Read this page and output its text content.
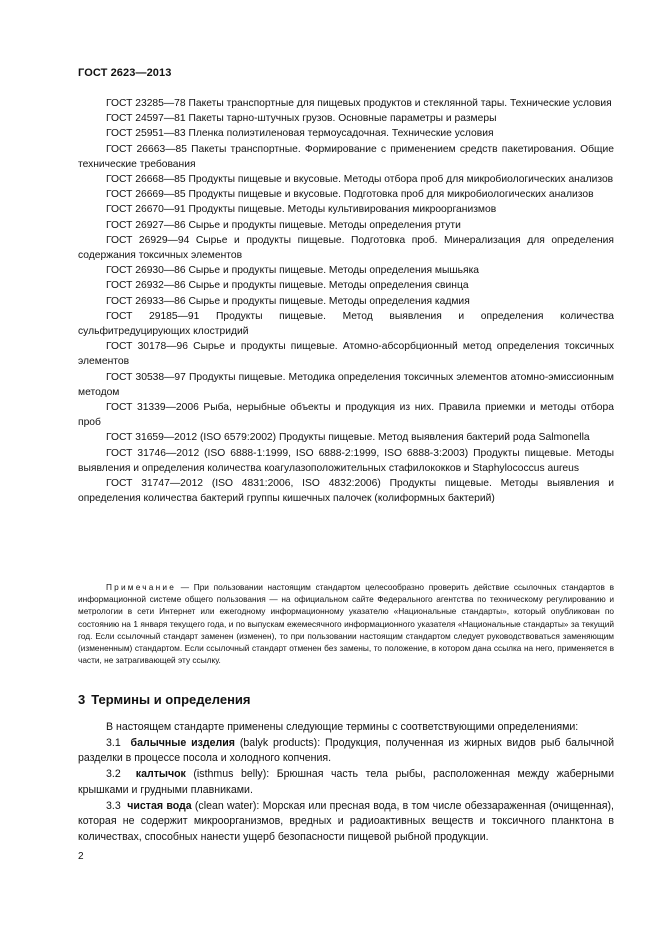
ГОСТ 2623—2013

ГОСТ 23285—78 Пакеты транспортные для пищевых продуктов и стеклянной тары. Технические условия

ГОСТ 24597—81 Пакеты тарно-штучных грузов. Основные параметры и размеры

ГОСТ 25951—83 Пленка полиэтиленовая термоусадочная. Технические условия

ГОСТ 26663—85 Пакеты транспортные. Формирование с применением средств пакетирования. Общие технические требования

ГОСТ 26668—85 Продукты пищевые и вкусовые. Методы отбора проб для микробиологических анализов

ГОСТ 26669—85 Продукты пищевые и вкусовые. Подготовка проб для микробиологических анализов

ГОСТ 26670—91 Продукты пищевые. Методы культивирования микроорганизмов

ГОСТ 26927—86 Сырье и продукты пищевые. Методы определения ртути

ГОСТ 26929—94 Сырье и продукты пищевые. Подготовка проб. Минерализация для определения содержания токсичных элементов

ГОСТ 26930—86 Сырье и продукты пищевые. Методы определения мышьяка

ГОСТ 26932—86 Сырье и продукты пищевые. Методы определения свинца

ГОСТ 26933—86 Сырье и продукты пищевые. Методы определения кадмия

ГОСТ 29185—91 Продукты пищевые. Метод выявления и определения количества сульфитредуцирующих клостридий

ГОСТ 30178—96 Сырье и продукты пищевые. Атомно-абсорбционный метод определения токсичных элементов

ГОСТ 30538—97 Продукты пищевые. Методика определения токсичных элементов атомно-эмиссионным методом

ГОСТ 31339—2006 Рыба, нерыбные объекты и продукция из них. Правила приемки и методы отбора проб

ГОСТ 31659—2012 (ISO 6579:2002) Продукты пищевые. Метод выявления бактерий рода Salmonella

ГОСТ 31746—2012 (ISO 6888-1:1999, ISO 6888-2:1999, ISO 6888-3:2003) Продукты пищевые. Методы выявления и определения количества коагулазоположительных стафилококков и Staphylococcus aureus

ГОСТ 31747—2012 (ISO 4831:2006, ISO 4832:2006) Продукты пищевые. Методы выявления и определения количества бактерий группы кишечных палочек (колиформных бактерий)

Примечание — При пользовании настоящим стандартом целесообразно проверить действие ссылочных стандартов в информационной системе общего пользования — на официальном сайте Федерального агентства по техническому регулированию и метрологии в сети Интернет или ежегодному информационному указателю «Национальные стандарты», который опубликован по состоянию на 1 января текущего года, и по выпускам ежемесячного информационного указателя «Национальные стандарты» за текущий год. Если ссылочный стандарт заменен (изменен), то при пользовании настоящим стандартом следует руководствоваться заменяющим (измененным) стандартом. Если ссылочный стандарт отменен без замены, то положение, в котором дана ссылка на него, применяется в части, не затрагивающей эту ссылку.

3 Термины и определения

В настоящем стандарте применены следующие термины с соответствующими определениями:

3.1 балычные изделия (balyk products): Продукция, полученная из жирных видов рыб балычной разделки в процессе посола и холодного копчения.

3.2 калтычок (isthmus belly): Брюшная часть тела рыбы, расположенная между жаберными крышками и грудными плавниками.

3.3 чистая вода (clean water): Морская или пресная вода, в том числе обеззараженная (очищенная), которая не содержит микроорганизмов, вредных и радиоактивных веществ и токсичного планктона в количествах, способных нанести ущерб безопасности пищевой рыбной продукции.

2
